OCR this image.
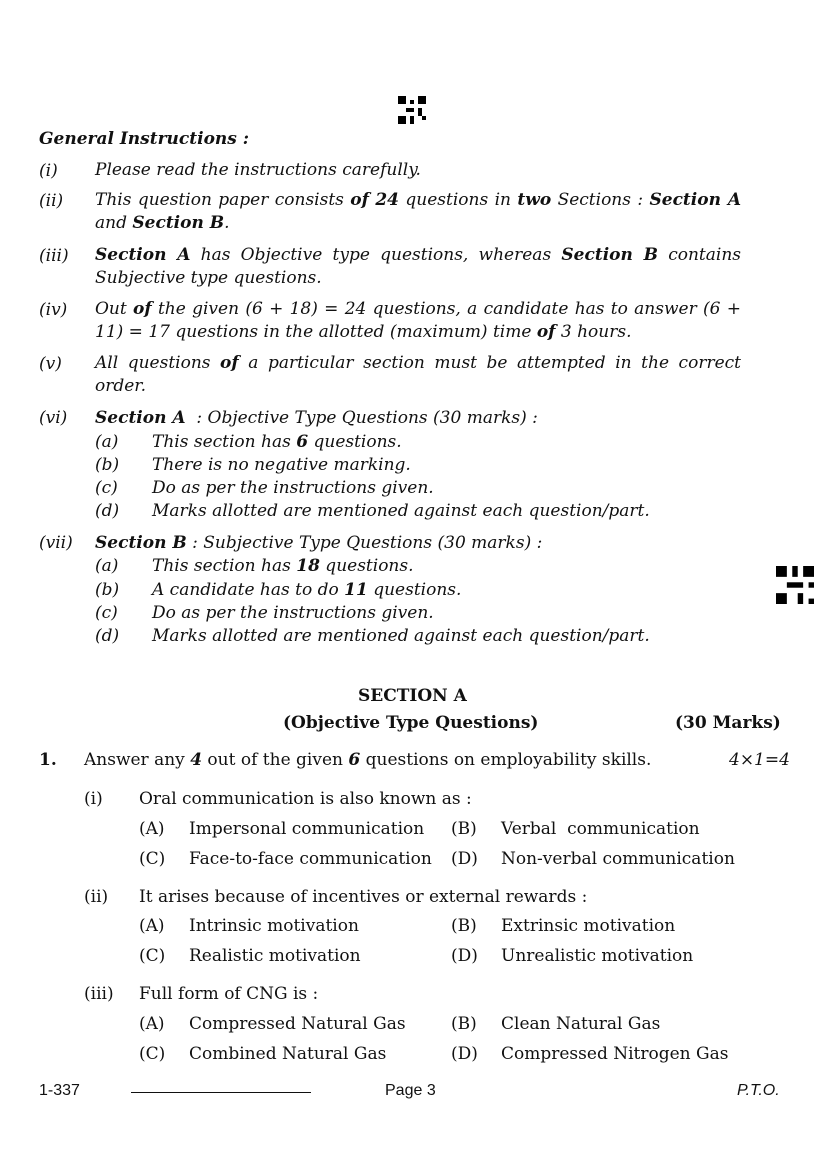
General Instructions :
(i) Please read the instructions carefully.
(ii) This question paper consists of 24 questions in two Sections : Section A and Section B.
(iii) Section A has Objective type questions, whereas Section B contains Subjective type questions.
(iv) Out of the given (6 + 18) = 24 questions, a candidate has to answer (6 + 11) = 17 questions in the allotted (maximum) time of 3 hours.
(v) All questions of a particular section must be attempted in the correct order.
(vi) Section A  : Objective Type Questions (30 marks) :
(a) This section has 6 questions.
(b) There is no negative marking.
(c) Do as per the instructions given.
(d) Marks allotted are mentioned against each question/part.
(vii) Section B : Subjective Type Questions (30 marks) :
(a) This section has 18 questions.
(b) A candidate has to do 11 questions.
(c) Do as per the instructions given.
(d) Marks allotted are mentioned against each question/part.
SECTION A
(Objective Type Questions)	(30 Marks)
1. Answer any 4 out of the given 6 questions on employability skills.	4×1=4
(i) Oral communication is also known as :
(A) Impersonal communication (B) Verbal  communication
(C) Face-to-face communication (D) Non-verbal communication
(ii) It arises because of incentives or external rewards :
(A) Intrinsic motivation	(B) Extrinsic motivation
(C) Realistic motivation	(D) Unrealistic motivation
(iii) Full form of CNG is :
(A) Compressed Natural Gas	(B) Clean Natural Gas
(C) Combined Natural Gas	(D) Compressed Nitrogen Gas
1-337	Page 3	P.T.O.
